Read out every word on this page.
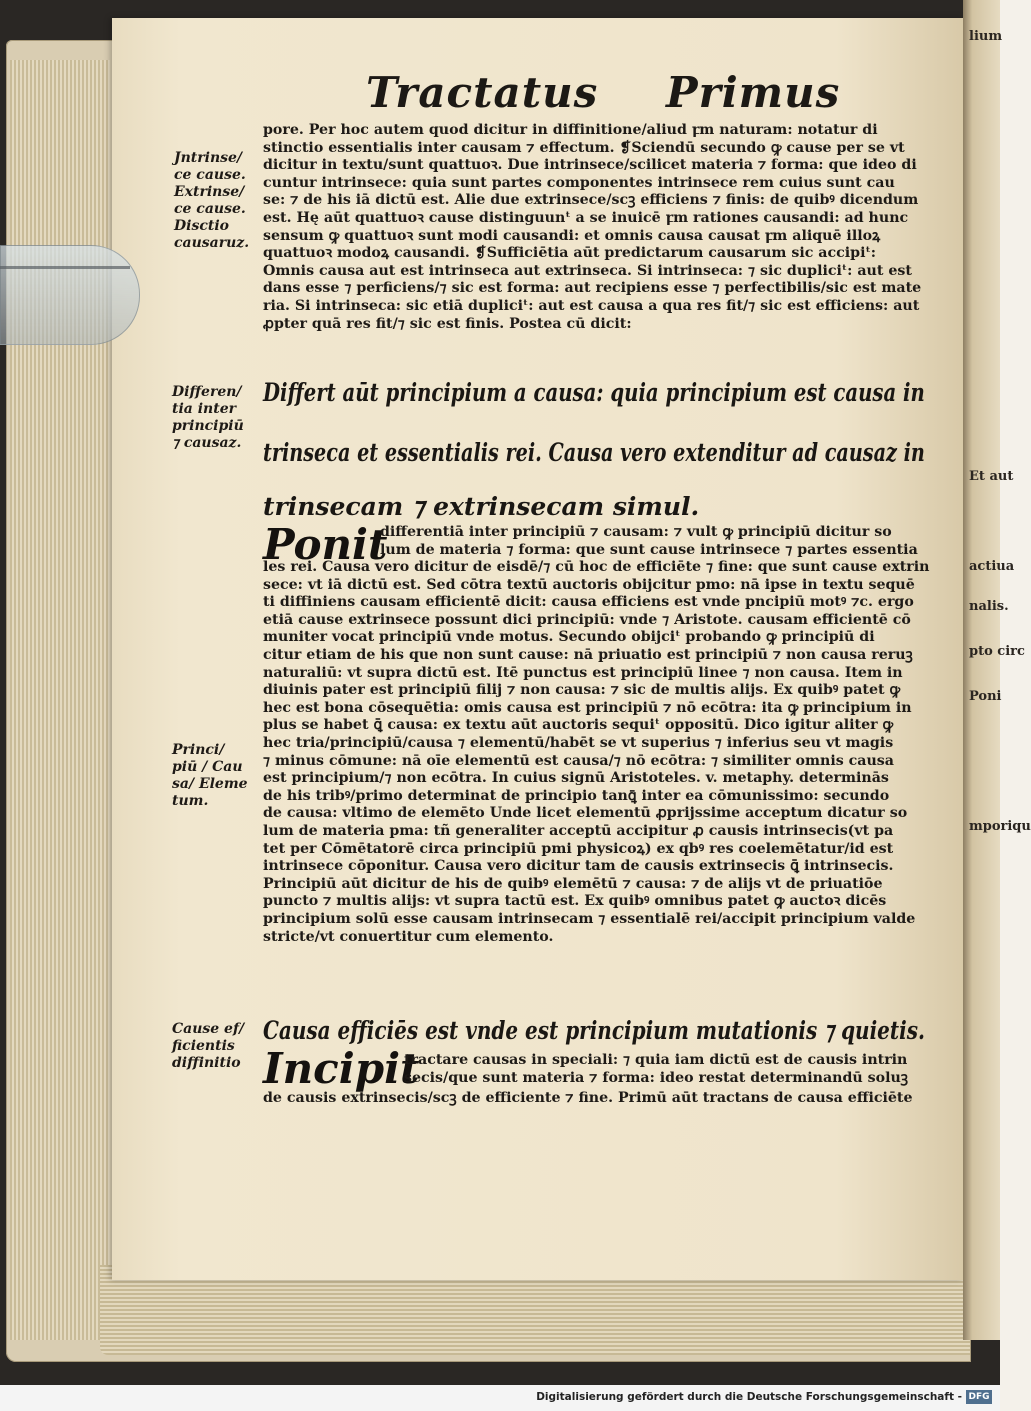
lium
Et aut
actiua
nalis.
pto circ
Poni
mporiqu
Tractatus Primus
pore. Per hoc autem quod dicitur in diffinitione/aliud ꝼm naturam: notatur di
stinctio essentialis inter causam ⁊ effectum. ❡Sciendū secundo ꝙ cause per se vt
dicitur in textu/sunt quattuoꝛ. Due intrinsece/scilicet materia ⁊ forma: que ideo di
cuntur intrinsece: quia sunt partes componentes intrinsece rem cuius sunt cau
se: ⁊ de his iā dictū est. Alie due extrinsece/scꝫ efficiens ⁊ finis: de quibꝰ dicendum
est. Hę aūt quattuoꝛ cause distinguunᵗ a se inuicē ꝼm rationes causandi: ad hunc
sensum ꝙ quattuoꝛ sunt modi causandi: et omnis causa causat ꝼm aliquē illoꝝ
quattuoꝛ modoꝝ causandi. ❡Sufficiētia aūt predictarum causarum sic accipiᵗ:
Omnis causa aut est intrinseca aut extrinseca. Si intrinseca: ⁊ sic dupliciᵗ: aut est
dans esse ⁊ perficiens/⁊ sic est forma: aut recipiens esse ⁊ perfectibilis/sic est mate
ria. Si intrinseca: sic etiā dupliciᵗ: aut est causa a qua res fit/⁊ sic est efficiens: aut
ꝓpter quā res fit/⁊ sic est finis. Postea cū dicit:
Jntrinse/
ce cause.
Extrinse/
ce cause.
Disctio
causaruz.
Differen/
tia inter
principiū
⁊ causaz.
Princi/
piū / Cau
sa/ Eleme
tum.
Cause ef/
ficientis
diffinitio
Differt aūt principium a causa: quia principium est causa in
trinseca et essentialis rei. Causa vero extenditur ad causaz in
trinsecam ⁊ extrinsecam simul.
Ponit
differentiā inter principiū ⁊ causam: ⁊ vult ꝙ principiū dicitur so
lum de materia ⁊ forma: que sunt cause intrinsece ⁊ partes essentia
les rei. Causa vero dicitur de eisdē/⁊ cū hoc de efficiēte ⁊ fine: que sunt cause extrin
sece: vt iā dictū est. Sed cōtra textū auctoris obijcitur pmo: nā ipse in textu sequē
ti diffiniens causam efficientē dicit: causa efficiens est vnde pncipiū motꝰ ⁊c. ergo
etiā cause extrinsece possunt dici principiū: vnde ⁊ Aristote. causam efficientē cō
muniter vocat principiū vnde motus. Secundo obijciᵗ probando ꝙ principiū di
citur etiam de his que non sunt cause: nā priuatio est principiū ⁊ non causa reruꝫ
naturaliū: vt supra dictū est. Itē punctus est principiū linee ⁊ non causa. Item in
diuinis pater est principiū filij ⁊ non causa: ⁊ sic de multis alijs. Ex quibꝰ patet ꝙ
hec est bona cōsequētia: omis causa est principiū ⁊ nō ecōtra: ita ꝙ principium in
plus se habet ꝗ̄ causa: ex textu aūt auctoris sequiᵗ oppositū. Dico igitur aliter ꝙ
hec tria/principiū/causa ⁊ elementū/habēt se vt superius ⁊ inferius seu vt magis
⁊ minus cōmune: nā oīe elementū est causa/⁊ nō ecōtra: ⁊ similiter omnis causa
est principium/⁊ non ecōtra. In cuius signū Aristoteles. v. metaphy. determinās
de his tribꝰ/primo determinat de principio tanꝗ̄ inter ea cōmunissimo: secundo
de causa: vltimo de elemēto Unde licet elementū ꝓprijssime acceptum dicatur so
lum de materia pma: tñ generaliter acceptū accipitur ꝓ causis intrinsecis(vt pa
tet per Cōmētatorē circa principiū pmi physicoꝝ) ex qbꝰ res coelemētatur/id est
intrinsece cōponitur. Causa vero dicitur tam de causis extrinsecis ꝗ̄ intrinsecis.
Principiū aūt dicitur de his de quibꝰ elemētū ⁊ causa: ⁊ de alijs vt de priuatiōe
puncto ⁊ multis alijs: vt supra tactū est. Ex quibꝰ omnibus patet ꝙ auctoꝛ dicēs
principium solū esse causam intrinsecam ⁊ essentialē rei/accipit principium valde
stricte/vt conuertitur cum elemento.
Causa efficiēs est vnde est principium mutationis ⁊ quietis.
Incipit
tractare causas in speciali: ⁊ quia iam dictū est de causis intrin
secis/que sunt materia ⁊ forma: ideo restat determinandū soluꝫ
de causis extrinsecis/scꝫ de efficiente ⁊ fine. Primū aūt tractans de causa efficiēte
Digitalisierung gefördert durch die Deutsche Forschungsgemeinschaft - DFG
